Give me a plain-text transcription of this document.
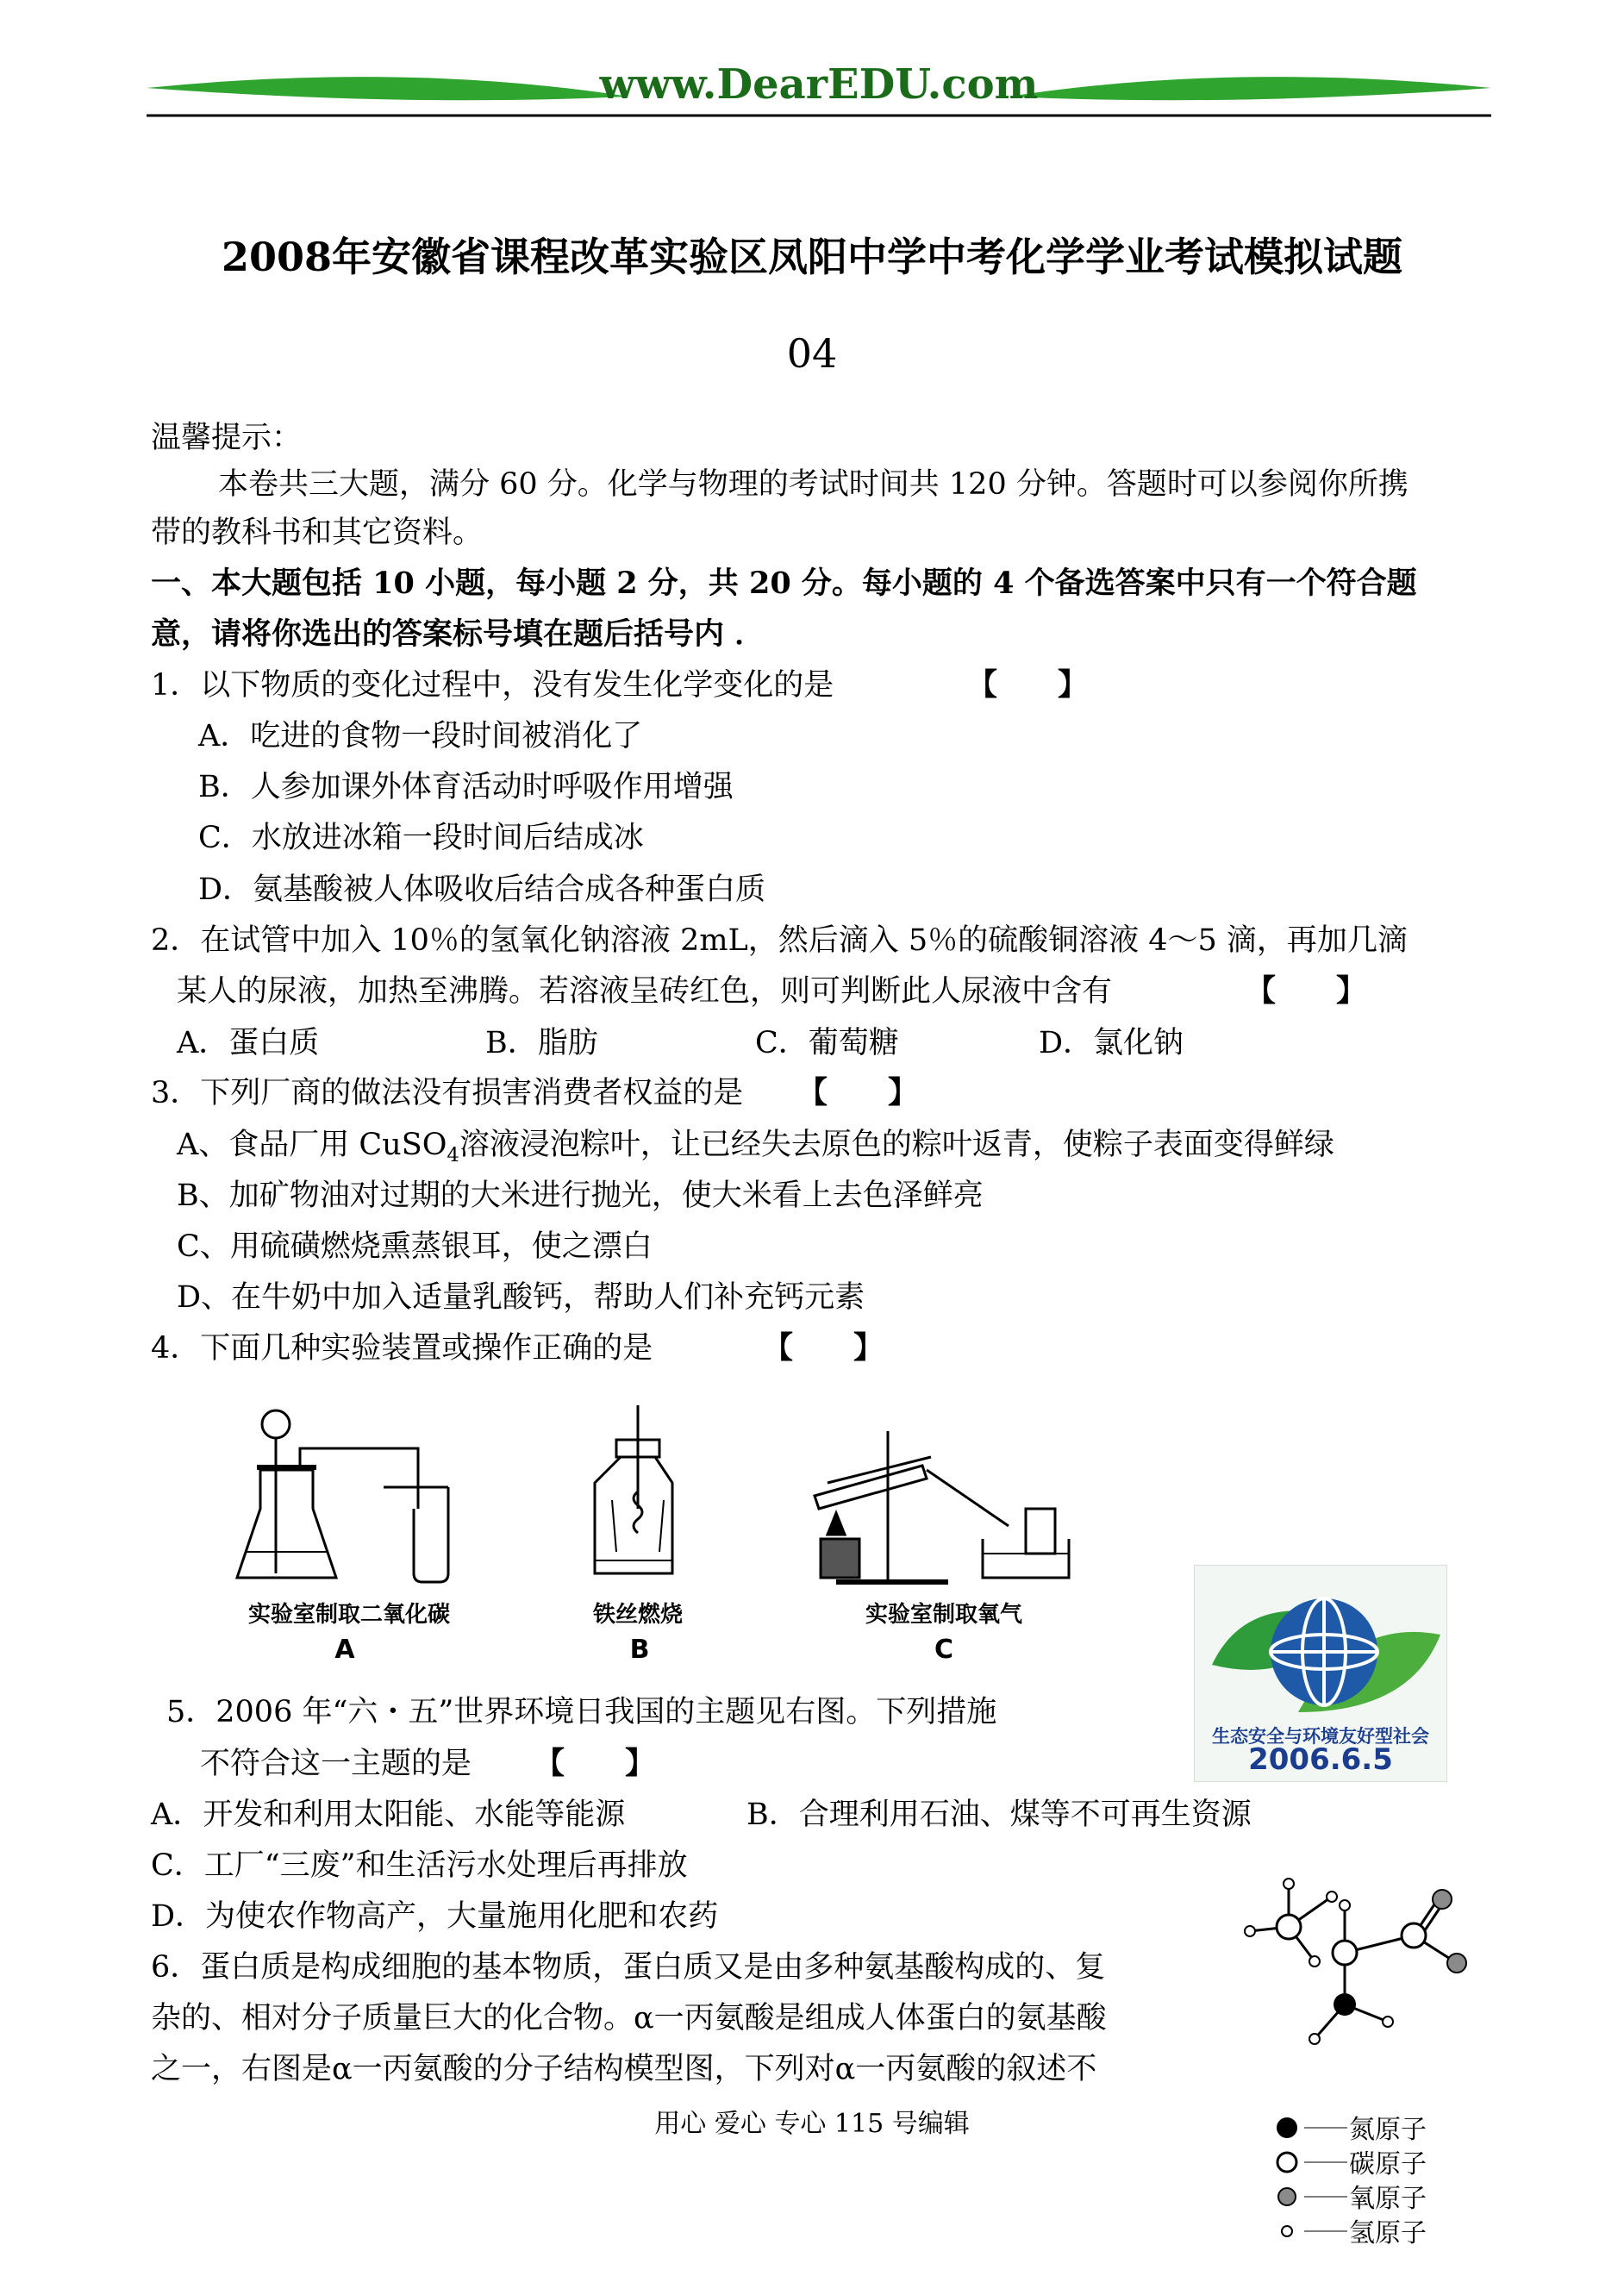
www.DearEDU.com
2008年安徽省课程改革实验区凤阳中学中考化学学业考试模拟试题
04
温馨提示：
本卷共三大题，满分 60 分。化学与物理的考试时间共 120 分钟。答题时可以参阅你所携
带的教科书和其它资料。
一、本大题包括 10 小题，每小题 2 分，共 20 分。每小题的 4 个备选答案中只有一个符合题
意，请将你选出的答案标号填在题后括号内 ．
1．以下物质的变化过程中，没有发生化学变化的是	【　　】
A．吃进的食物一段时间被消化了
B．人参加课外体育活动时呼吸作用增强
C．水放进冰箱一段时间后结成冰
D．氨基酸被人体吸收后结合成各种蛋白质
2．在试管中加入 10％的氢氧化钠溶液 2mL，然后滴入 5％的硫酸铜溶液 4～5 滴，再加几滴
某人的尿液，加热至沸腾。若溶液呈砖红色，则可判断此人尿液中含有	【　　】
A．蛋白质	B．脂肪	C．葡萄糖	D．氯化钠
3．下列厂商的做法没有损害消费者权益的是 【　　】
A、食品厂用 CuSO$_4$溶液浸泡粽叶，让已经失去原色的粽叶返青，使粽子表面变得鲜绿
B、加矿物油对过期的大米进行抛光，使大米看上去色泽鲜亮
C、用硫磺燃烧熏蒸银耳，使之漂白
D、在牛奶中加入适量乳酸钙，帮助人们补充钙元素
4．下面几种实验装置或操作正确的是	【　　】
实验室制取二氧化碳
A
铁丝燃烧
B
实验室制取氧气
C
生态安全与环境友好型社会
2006.6.5
5．2006 年“六・五”世界环境日我国的主题见右图。下列措施
不符合这一主题的是 【　　】
A．开发和利用太阳能、水能等能源	B．合理利用石油、煤等不可再生资源
C．工厂“三废”和生活污水处理后再排放
D．为使农作物高产，大量施用化肥和农药
6．蛋白质是构成细胞的基本物质，蛋白质又是由多种氨基酸构成的、复
杂的、相对分子质量巨大的化合物。α一丙氨酸是组成人体蛋白的氨基酸
之一，右图是α一丙氨酸的分子结构模型图，下列对α一丙氨酸的叙述不
氮原子
碳原子
氧原子
氢原子
用心 爱心 专心 115 号编辑
